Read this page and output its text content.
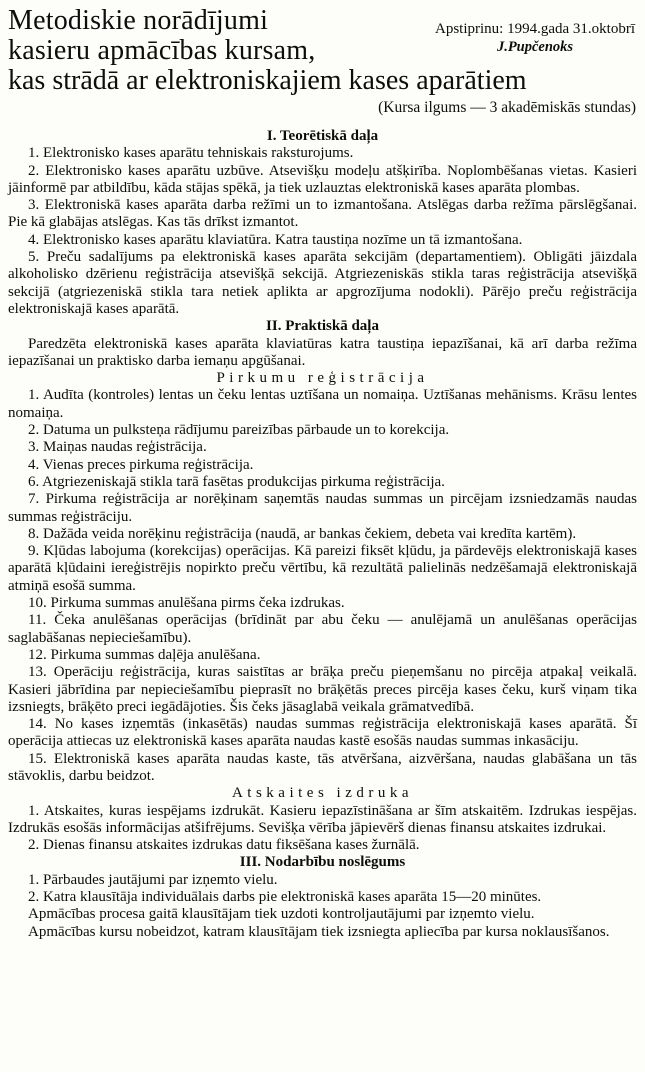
Metodiskie norādījumi
kasieru apmācības kursam,
Apstiprinu: 1994.gada 31.oktobrī
J.Pupčenoks
kas strādā ar elektroniskajiem kases aparātiem
(Kursa ilgums — 3 akadēmiskās stundas)
I. Teorētiskā daļa

1. Elektronisko kases aparātu tehniskais raksturojums.

2. Elektronisko kases aparātu uzbūve. Atsevišķu modeļu atšķirība. Noplombēšanas vietas. Kasieri jāinformē par atbildību, kāda stājas spēkā, ja tiek uzlauztas elektroniskā kases aparāta plombas.

3. Elektroniskā kases aparāta darba režīmi un to izmantošana. Atslēgas darba režīma pārslēgšanai. Pie kā glabājas atslēgas. Kas tās drīkst izmantot.

4. Elektronisko kases aparātu klaviatūra. Katra taustiņa nozīme un tā izmantošana.

5. Preču sadalījums pa elektroniskā kases aparāta sekcijām (departamentiem). Obligāti jāizdala alkoholisko dzērienu reģistrācija atsevišķā sekcijā. Atgriezeniskās stikla taras reģistrācija atsevišķā sekcijā (atgriezeniskā stikla tara netiek aplikta ar apgrozījuma nodokli). Pārējo preču reģistrācija elektroniskajā kases aparātā.

II. Praktiskā daļa

Paredzēta elektroniskā kases aparāta klaviatūras katra taustiņa iepazīšanai, kā arī darba režīma iepazīšanai un praktisko darba iemaņu apgūšanai.

Pirkumu reģistrācija

1. Audīta (kontroles) lentas un čeku lentas uztīšana un nomaiņa. Uztīšanas mehānisms. Krāsu lentes nomaiņa.

2. Datuma un pulksteņa rādījumu pareizības pārbaude un to korekcija.

3. Maiņas naudas reģistrācija.

4. Vienas preces pirkuma reģistrācija.

6. Atgriezeniskajā stikla tarā fasētas produkcijas pirkuma reģistrācija.

7. Pirkuma reģistrācija ar norēķinam saņemtās naudas summas un pircējam izsniedzamās naudas summas reģistrāciju.

8. Dažāda veida norēķinu reģistrācija (naudā, ar bankas čekiem, debeta vai kredīta kartēm).

9. Kļūdas labojuma (korekcijas) operācijas. Kā pareizi fiksēt kļūdu, ja pārdevējs elektroniskajā kases aparātā kļūdaini iereģistrējis nopirkto preču vērtību, kā rezultātā palielinās nedzēšamajā elektroniskajā atmiņā esošā summa.

10. Pirkuma summas anulēšana pirms čeka izdrukas.

11. Čeka anulēšanas operācijas (brīdināt par abu čeku — anulējamā un anulēšanas operācijas saglabāšanas nepieciešamību).

12. Pirkuma summas daļēja anulēšana.

13. Operāciju reģistrācija, kuras saistītas ar brāķa preču pieņemšanu no pircēja atpakaļ veikalā. Kasieri jābrīdina par nepieciešamību pieprasīt no brāķētās preces pircēja kases čeku, kurš viņam tika izsniegts, brāķēto preci iegādājoties. Šis čeks jāsaglabā veikala grāmatvedībā.

14. No kases izņemtās (inkasētās) naudas summas reģistrācija elektroniskajā kases aparātā. Šī operācija attiecas uz elektroniskā kases aparāta naudas kastē esošās naudas summas inkasāciju.

15. Elektroniskā kases aparāta naudas kaste, tās atvēršana, aizvēršana, naudas glabāšana un tās stāvoklis, darbu beidzot.

Atskaites izdruka

1. Atskaites, kuras iespējams izdrukāt. Kasieru iepazīstināšana ar šīm atskaitēm. Izdrukas iespējas. Izdrukās esošās informācijas atšifrējums. Sevišķa vērība jāpievērš dienas finansu atskaites izdrukai.

2. Dienas finansu atskaites izdrukas datu fiksēšana kases žurnālā.

III. Nodarbību noslēgums

1. Pārbaudes jautājumi par izņemto vielu.

2. Katra klausītāja individuālais darbs pie elektroniskā kases aparāta 15—20 minūtes.

Apmācības procesa gaitā klausītājam tiek uzdoti kontroljautājumi par izņemto vielu.

Apmācības kursu nobeidzot, katram klausītājam tiek izsniegta apliecība par kursa noklausīšanos.
